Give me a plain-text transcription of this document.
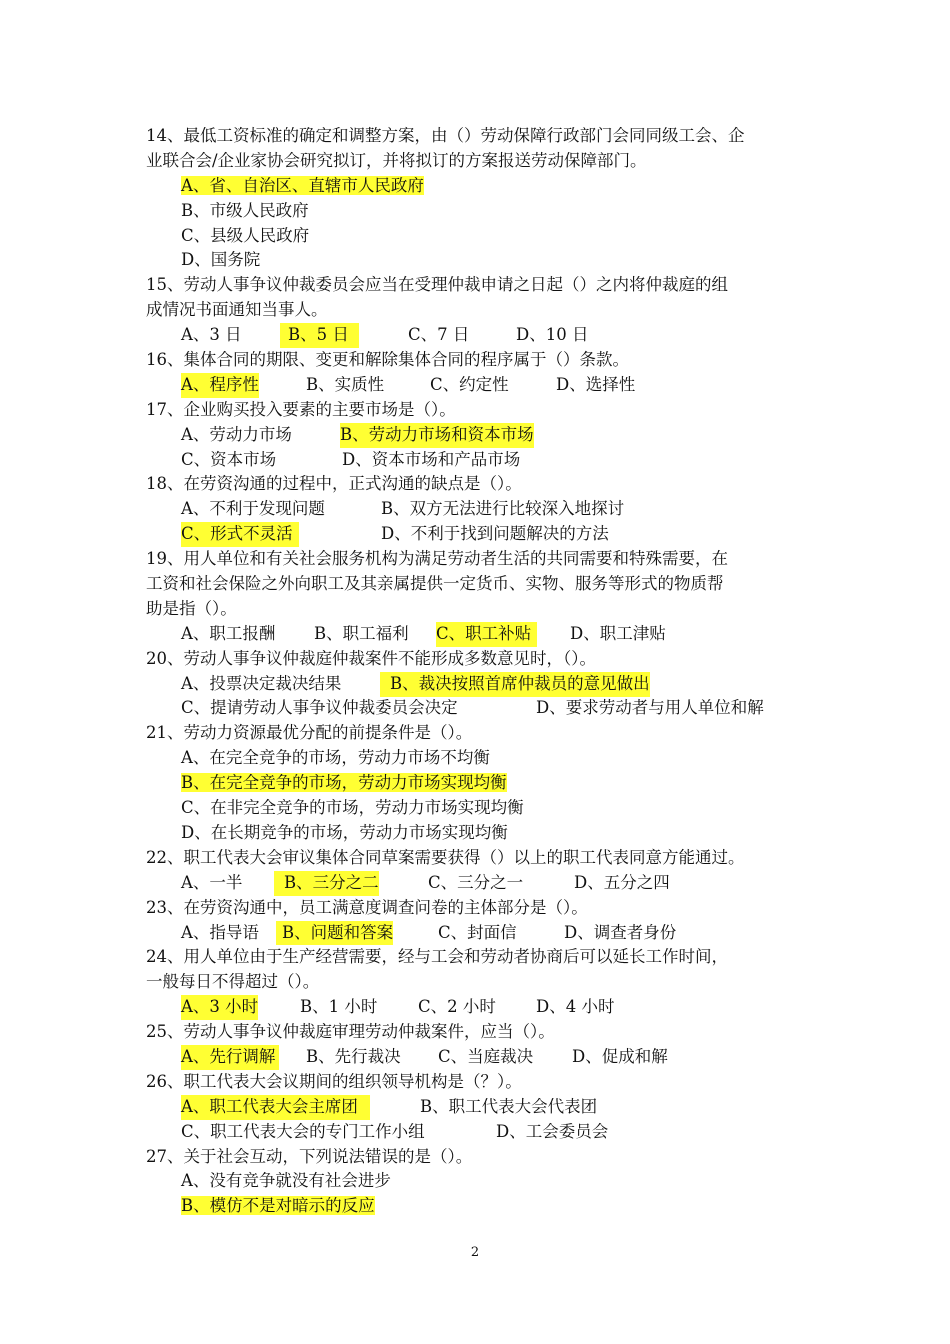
14、最低工资标准的确定和调整方案，由（）劳动保障行政部门会同同级工会、企
业联合会/企业家协会研究拟订，并将拟订的方案报送劳动保障部门。
A、省、自治区、直辖市人民政府
B、市级人民政府
C、县级人民政府
D、国务院
15、劳动人事争议仲裁委员会应当在受理仲裁申请之日起（）之内将仲裁庭的组
成情况书面通知当事人。
A、3 日	B、5 日	C、7 日	D、10 日
16、集体合同的期限、变更和解除集体合同的程序属于（）条款。
A、程序性	B、实质性	C、约定性	D、选择性
17、企业购买投入要素的主要市场是（）。
A、劳动力市场	B、劳动力市场和资本市场
C、资本市场	D、资本市场和产品市场
18、在劳资沟通的过程中，正式沟通的缺点是（）。
A、不利于发现问题	B、双方无法进行比较深入地探讨
C、形式不灵活	D、不利于找到问题解决的方法
19、用人单位和有关社会服务机构为满足劳动者生活的共同需要和特殊需要，在
工资和社会保险之外向职工及其亲属提供一定货币、实物、服务等形式的物质帮
助是指（）。
A、职工报酬 B、职工福利 C、职工补贴	D、职工津贴
20、劳动人事争议仲裁庭仲裁案件不能形成多数意见时，（）。
A、投票决定裁决结果	B、裁决按照首席仲裁员的意见做出
C、提请劳动人事争议仲裁委员会决定	D、要求劳动者与用人单位和解
21、劳动力资源最优分配的前提条件是（）。
A、在完全竞争的市场，劳动力市场不均衡
B、在完全竞争的市场，劳动力市场实现均衡
C、在非完全竞争的市场，劳动力市场实现均衡
D、在长期竞争的市场，劳动力市场实现均衡
22、职工代表大会审议集体合同草案需要获得（）以上的职工代表同意方能通过。
A、一半	B、三分之二	C、三分之一	D、五分之四
23、在劳资沟通中，员工满意度调查问卷的主体部分是（）。
A、指导语	B、问题和答案	C、封面信	D、调查者身份
24、用人单位由于生产经营需要，经与工会和劳动者协商后可以延长工作时间，
一般每日不得超过（）。
A、3 小时	B、1 小时 C、2 小时 D、4 小时
25、劳动人事争议仲裁庭审理劳动仲裁案件，应当（）。
A、先行调解 B、先行裁决 C、当庭裁决 D、促成和解
26、职工代表大会议期间的组织领导机构是（？）。
A、职工代表大会主席团	B、职工代表大会代表团
C、职工代表大会的专门工作小组	D、工会委员会
27、关于社会互动，下列说法错误的是（）。
A、没有竞争就没有社会进步
B、模仿不是对暗示的反应
2
